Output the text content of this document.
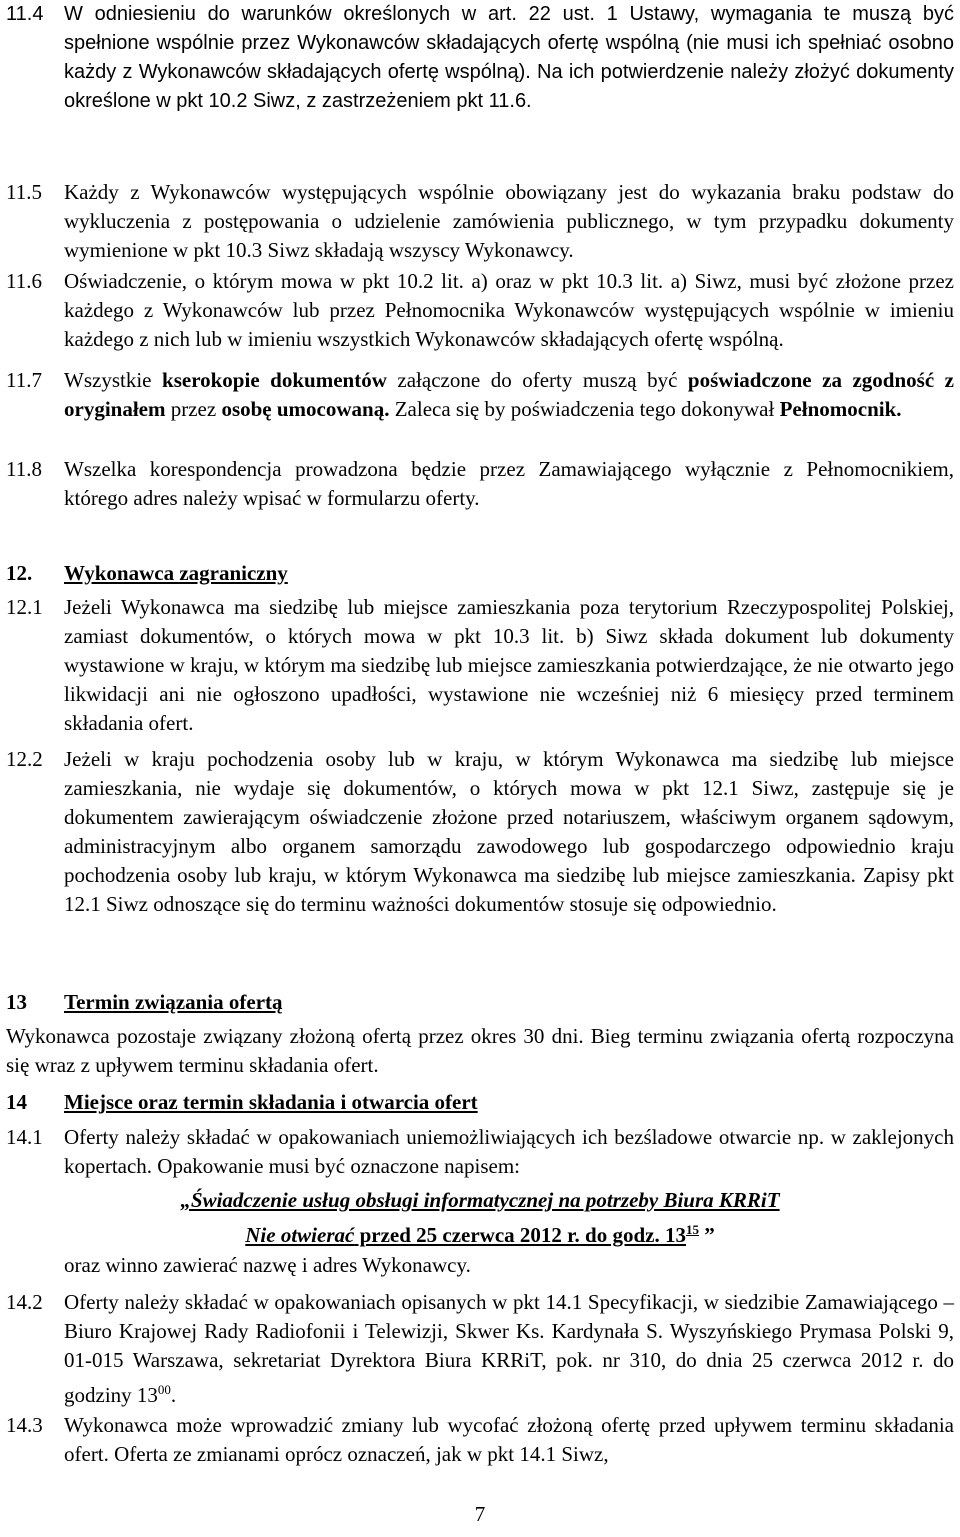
11.4 W odniesieniu do warunków określonych w art. 22 ust. 1 Ustawy, wymagania te muszą być spełnione wspólnie przez Wykonawców składających ofertę wspólną (nie musi ich spełniać osobno każdy z Wykonawców składających ofertę wspólną). Na ich potwierdzenie należy złożyć dokumenty określone w pkt 10.2 Siwz, z zastrzeżeniem pkt 11.6.
11.5 Każdy z Wykonawców występujących wspólnie obowiązany jest do wykazania braku podstaw do wykluczenia z postępowania o udzielenie zamówienia publicznego, w tym przypadku dokumenty wymienione w pkt 10.3 Siwz składają wszyscy Wykonawcy.
11.6 Oświadczenie, o którym mowa w pkt 10.2 lit. a) oraz w pkt 10.3 lit. a) Siwz, musi być złożone przez każdego z Wykonawców lub przez Pełnomocnika Wykonawców występujących wspólnie w imieniu każdego z nich lub w imieniu wszystkich Wykonawców składających ofertę wspólną.
11.7 Wszystkie kserokopie dokumentów załączone do oferty muszą być poświadczone za zgodność z oryginałem przez osobę umocowaną. Zaleca się by poświadczenia tego dokonywał Pełnomocnik.
11.8 Wszelka korespondencja prowadzona będzie przez Zamawiającego wyłącznie z Pełnomocnikiem, którego adres należy wpisać w formularzu oferty.
12. Wykonawca zagraniczny
12.1 Jeżeli Wykonawca ma siedzibę lub miejsce zamieszkania poza terytorium Rzeczypospolitej Polskiej, zamiast dokumentów, o których mowa w pkt 10.3 lit. b) Siwz składa dokument lub dokumenty wystawione w kraju, w którym ma siedzibę lub miejsce zamieszkania potwierdzające, że nie otwarto jego likwidacji ani nie ogłoszono upadłości, wystawione nie wcześniej niż 6 miesięcy przed terminem składania ofert.
12.2 Jeżeli w kraju pochodzenia osoby lub w kraju, w którym Wykonawca ma siedzibę lub miejsce zamieszkania, nie wydaje się dokumentów, o których mowa w pkt 12.1 Siwz, zastępuje się je dokumentem zawierającym oświadczenie złożone przed notariuszem, właściwym organem sądowym, administracyjnym albo organem samorządu zawodowego lub gospodarczego odpowiednio kraju pochodzenia osoby lub kraju, w którym Wykonawca ma siedzibę lub miejsce zamieszkania. Zapisy pkt 12.1 Siwz odnoszące się do terminu ważności dokumentów stosuje się odpowiednio.
13 Termin związania ofertą
Wykonawca pozostaje związany złożoną ofertą przez okres 30 dni. Bieg terminu związania ofertą rozpoczyna się wraz z upływem terminu składania ofert.
14 Miejsce oraz termin składania i otwarcia ofert
14.1 Oferty należy składać w opakowaniach uniemożliwiających ich bezśladowe otwarcie np. w zaklejonych kopertach. Opakowanie musi być oznaczone napisem:
„Świadczenie usług obsługi informatycznej na potrzeby Biura KRRiT
Nie otwierać przed 25 czerwca 2012 r. do godz. $13^{15}$ ”
oraz winno zawierać nazwę i adres Wykonawcy.
14.2 Oferty należy składać w opakowaniach opisanych w pkt 14.1 Specyfikacji, w siedzibie Zamawiającego – Biuro Krajowej Rady Radiofonii i Telewizji, Skwer Ks. Kardynała S. Wyszyńskiego Prymasa Polski 9, 01-015 Warszawa, sekretariat Dyrektora Biura KRRiT, pok. nr 310, do dnia 25 czerwca 2012 r. do godziny $13^{00}$.
14.3 Wykonawca może wprowadzić zmiany lub wycofać złożoną ofertę przed upływem terminu składania ofert. Oferta ze zmianami oprócz oznaczeń, jak w pkt 14.1 Siwz,
7
